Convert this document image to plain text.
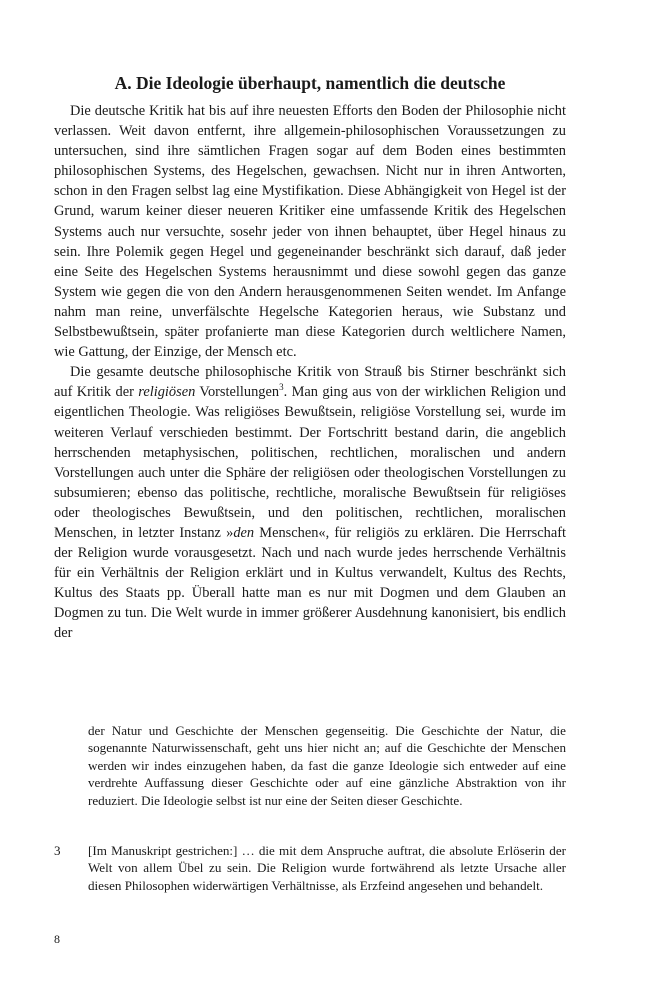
A. Die Ideologie überhaupt, namentlich die deutsche

Die deutsche Kritik hat bis auf ihre neuesten Efforts den Boden der Philosophie nicht verlassen. Weit davon entfernt, ihre allgemein-philosophischen Voraussetzungen zu untersuchen, sind ihre sämtlichen Fragen sogar auf dem Boden eines bestimmten philosophischen Systems, des Hegelschen, gewachsen. Nicht nur in ihren Antworten, schon in den Fragen selbst lag eine Mystifikation. Diese Abhängigkeit von Hegel ist der Grund, warum keiner dieser neueren Kritiker eine umfassende Kritik des Hegelschen Systems auch nur versuchte, sosehr jeder von ihnen behauptet, über Hegel hinaus zu sein. Ihre Polemik gegen Hegel und gegeneinander beschränkt sich darauf, daß jeder eine Seite des Hegelschen Systems herausnimmt und diese sowohl gegen das ganze System wie gegen die von den Andern herausgenommenen Seiten wendet. Im Anfange nahm man reine, unverfälschte Hegelsche Kategorien heraus, wie Substanz und Selbstbewußtsein, später profanierte man diese Kategorien durch weltlichere Namen, wie Gattung, der Einzige, der Mensch etc.

Die gesamte deutsche philosophische Kritik von Strauß bis Stirner beschränkt sich auf Kritik der religiösen Vorstellungen$^3$. Man ging aus von der wirklichen Religion und eigentlichen Theologie. Was religiöses Bewußtsein, religiöse Vorstellung sei, wurde im weiteren Verlauf verschieden bestimmt. Der Fortschritt bestand darin, die angeblich herrschenden metaphysischen, politischen, rechtlichen, moralischen und andern Vorstellungen auch unter die Sphäre der religiösen oder theologischen Vorstellungen zu subsumieren; ebenso das politische, rechtliche, moralische Bewußtsein für religiöses oder theologisches Bewußtsein, und den politischen, rechtlichen, moralischen Menschen, in letzter Instanz »den Menschen«, für religiös zu erklären. Die Herrschaft der Religion wurde vorausgesetzt. Nach und nach wurde jedes herrschende Verhältnis für ein Verhältnis der Religion erklärt und in Kultus verwandelt, Kultus des Rechts, Kultus des Staats pp. Überall hatte man es nur mit Dogmen und dem Glauben an Dogmen zu tun. Die Welt wurde in immer größerer Ausdehnung kanonisiert, bis endlich der

der Natur und Geschichte der Menschen gegenseitig. Die Geschichte der Natur, die sogenannte Naturwissenschaft, geht uns hier nicht an; auf die Geschichte der Menschen werden wir indes einzugehen haben, da fast die ganze Ideologie sich entweder auf eine verdrehte Auffassung dieser Geschichte oder auf eine gänzliche Abstraktion von ihr reduziert. Die Ideologie selbst ist nur eine der Seiten dieser Geschichte.

3 [Im Manuskript gestrichen:] … die mit dem Anspruche auftrat, die absolute Erlöserin der Welt von allem Übel zu sein. Die Religion wurde fortwährend als letzte Ursache aller diesen Philosophen widerwärtigen Verhältnisse, als Erzfeind angesehen und behandelt.

8
